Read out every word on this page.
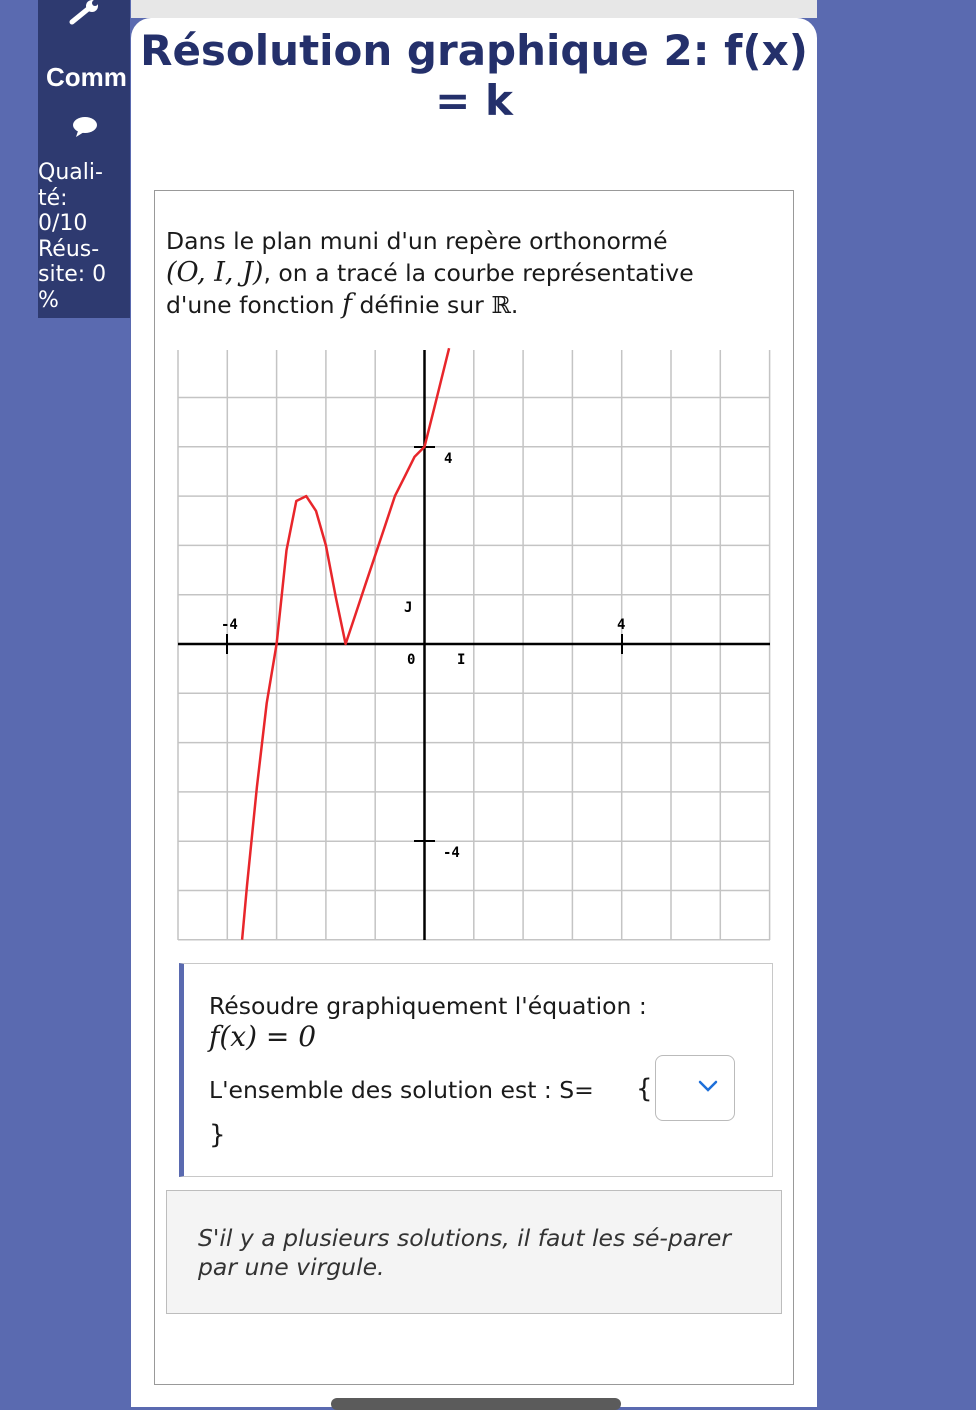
Comm
Quali-
té:
0/10
Réus-
site: 0
%
Résolution graphique 2: f(x)
= k
Dans le plan muni d'un repère orthonormé
(O, I, J), on a tracé la courbe représentative
d'une fonction f définie sur ℝ.
-4	4
4
-4
0	I
J
Résoudre graphiquement l'équation :
f(x) = 0
L'ensemble des solution est : S= {
}
S'il y a plusieurs solutions, il faut les sé-parer par une virgule.
